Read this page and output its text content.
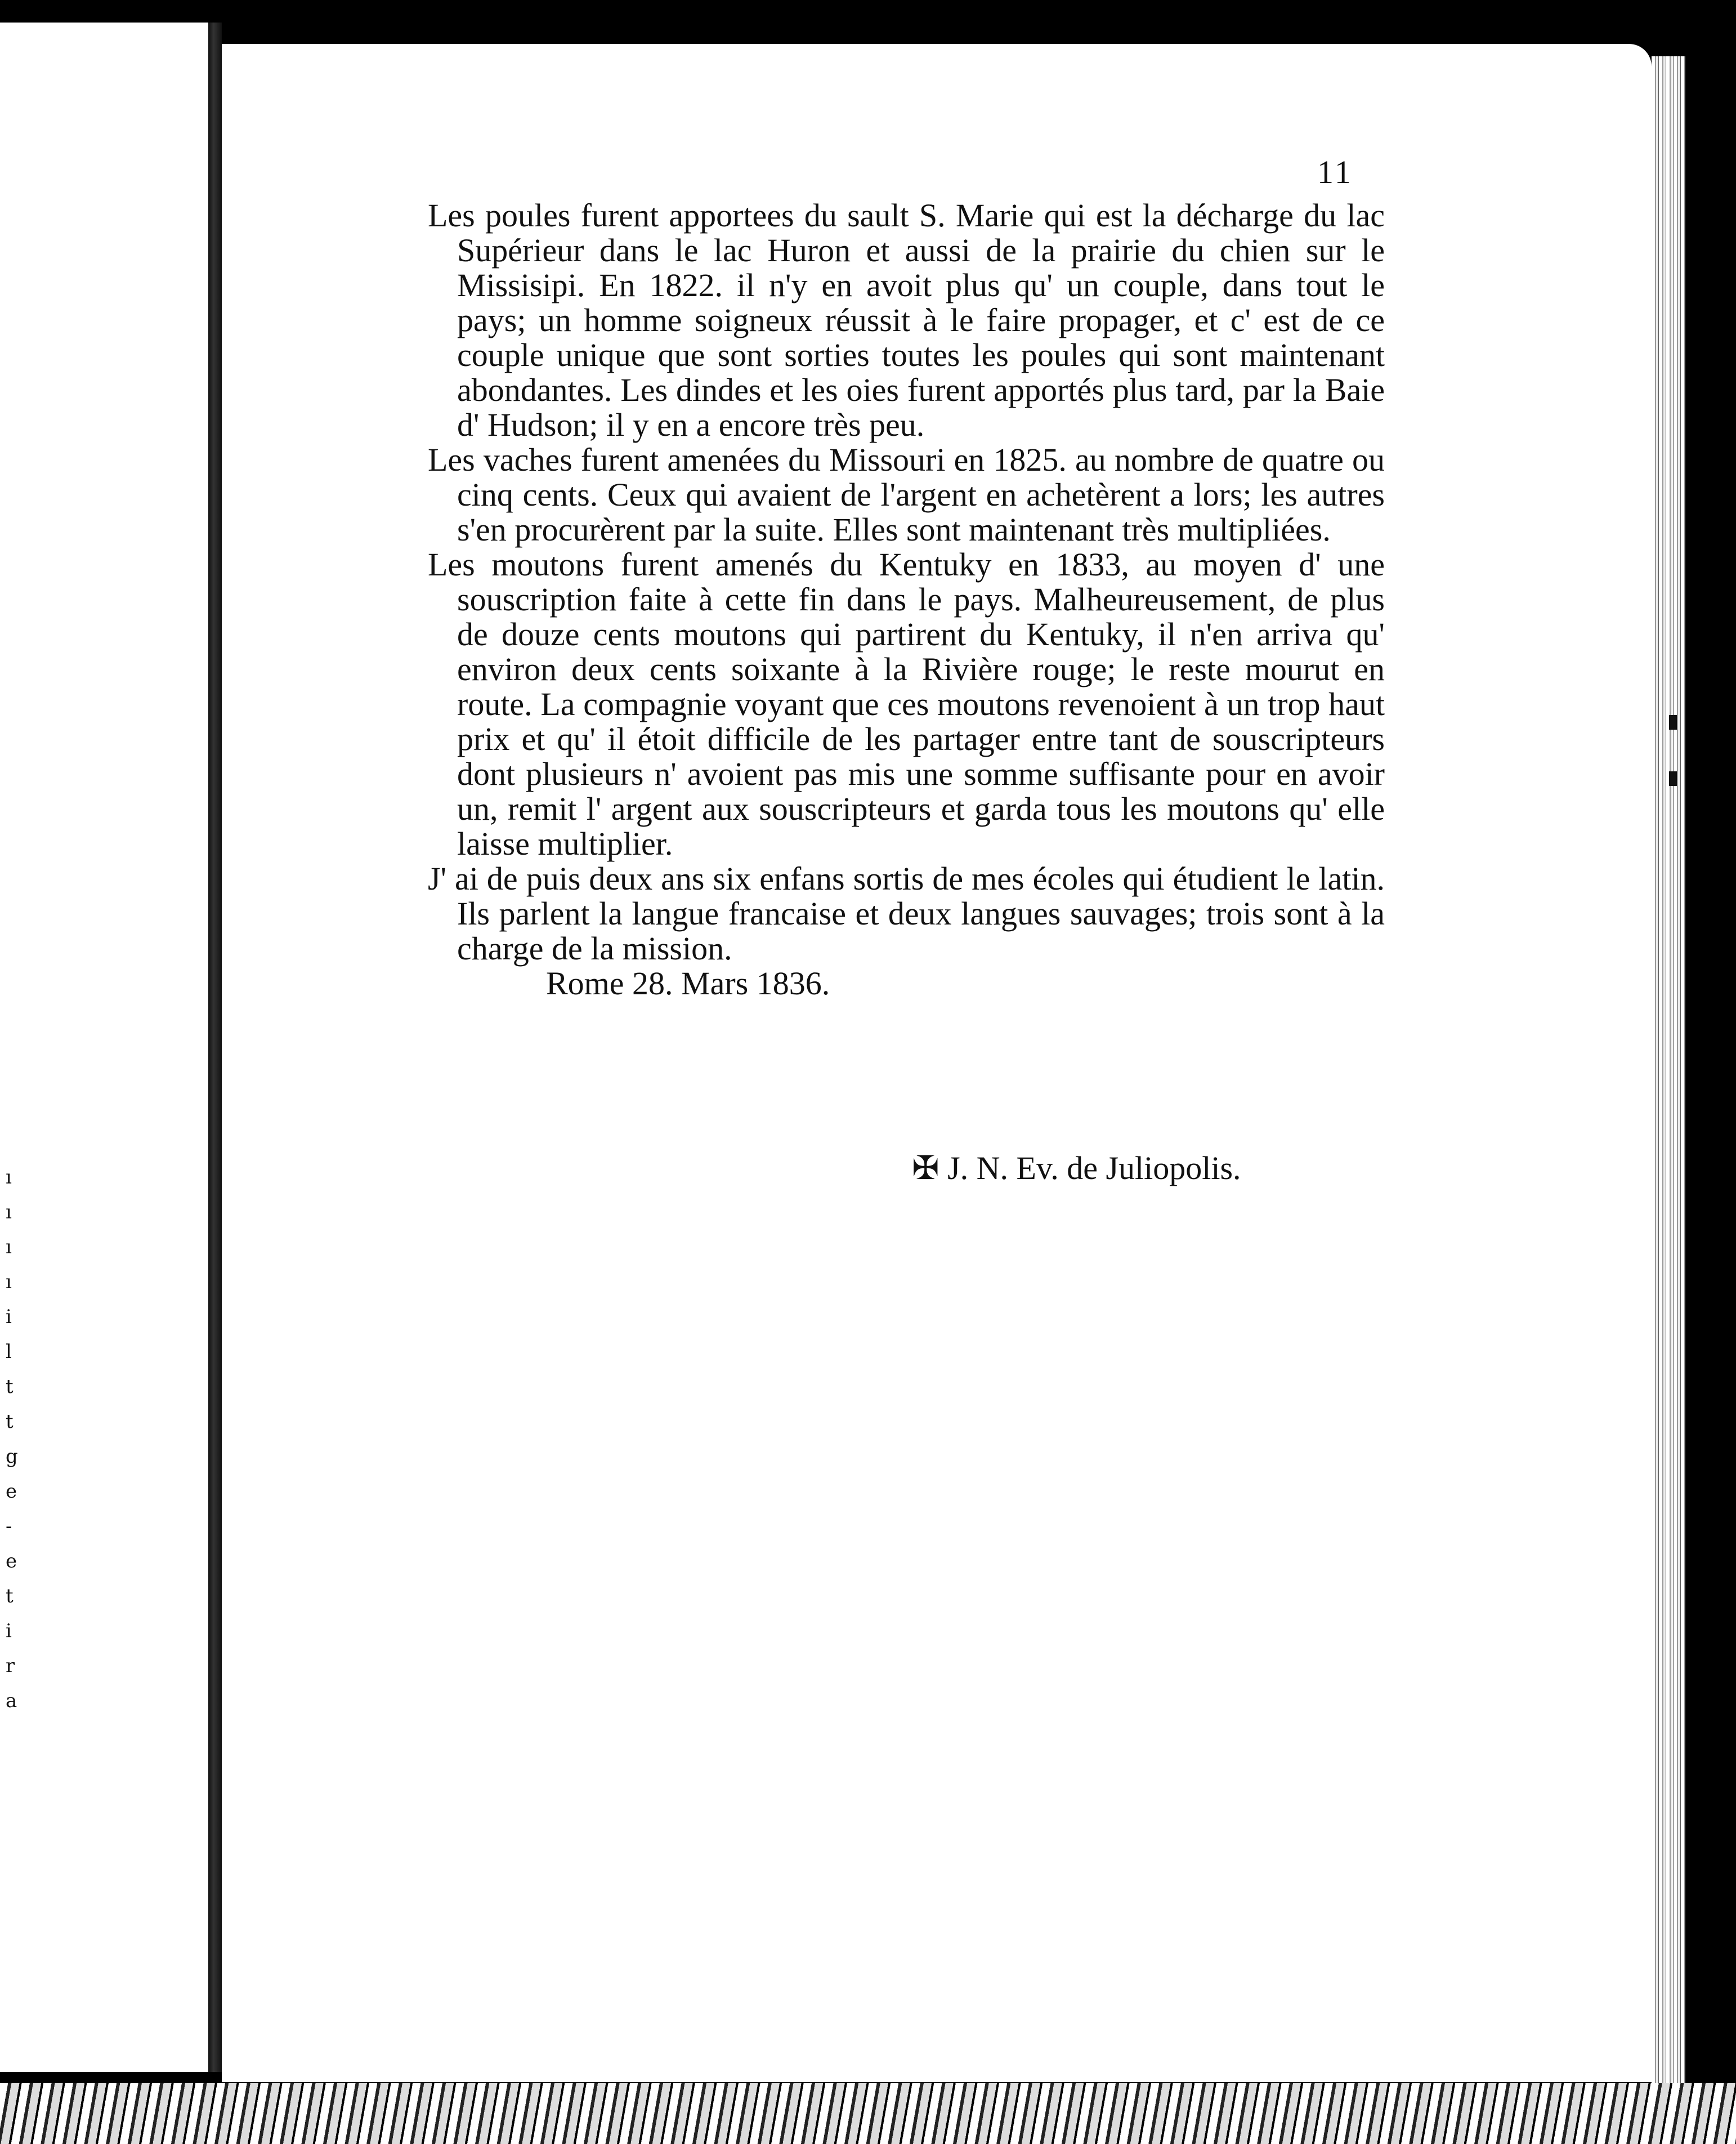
ı
ı
ı
ı
i
l
t
t
g
e
-
e
t
i
r
a
11

Les poules furent apportees du sault S. Marie qui est la décharge du lac Supérieur dans le lac Huron et aussi de la prairie du chien sur le Missisipi. En 1822. il n'y en avoit plus qu' un couple, dans tout le pays; un homme soigneux réussit à le faire propager, et c' est de ce couple unique que sont sorties toutes les poules qui sont maintenant abondantes. Les dindes et les oies furent apportés plus tard, par la Baie d' Hudson; il y en a encore très peu.

Les vaches furent amenées du Missouri en 1825. au nombre de quatre ou cinq cents. Ceux qui avaient de l'argent en achetèrent a lors; les autres s'en procurèrent par la suite. Elles sont maintenant très multipliées.

Les moutons furent amenés du Kentuky en 1833, au moyen d' une souscription faite à cette fin dans le pays. Malheureusement, de plus de douze cents moutons qui partirent du Kentuky, il n'en arriva qu' environ deux cents soixante à la Rivière rouge; le reste mourut en route. La compagnie voyant que ces moutons revenoient à un trop haut prix et qu' il étoit difficile de les partager entre tant de souscripteurs dont plusieurs n' avoient pas mis une somme suffisante pour en avoir un, remit l' argent aux souscripteurs et garda tous les moutons qu' elle laisse multiplier.

J' ai de puis deux ans six enfans sortis de mes écoles qui étudient le latin. Ils parlent la langue francaise et deux langues sauvages; trois sont à la charge de la mission.

Rome 28. Mars 1836.

✠ J. N. Ev. de Juliopolis.
